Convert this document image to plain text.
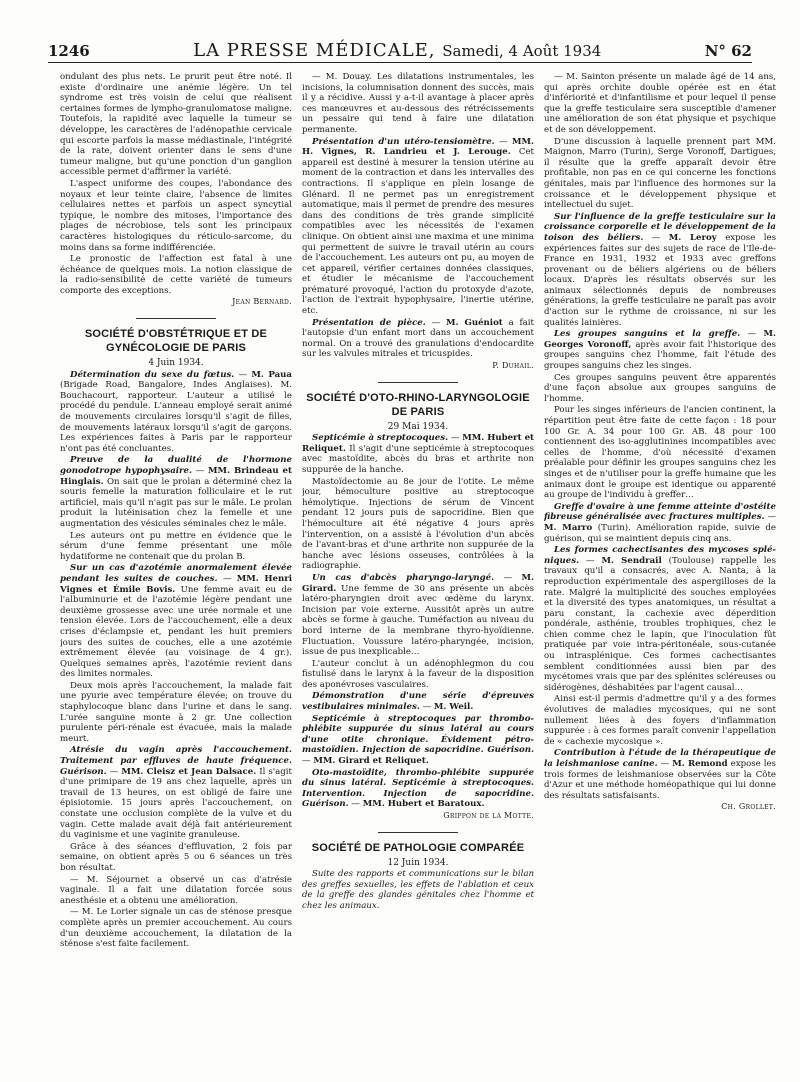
1246	LA PRESSE MÉDICALE, Samedi, 4 Août 1934	N° 62

ondulant des plus nets. Le prurit peut être noté. Il existe d'ordinaire une anémie légère. Un tel syndrome est très voisin de celui que réalisent certaines formes de lympho-granulomatose maligne. Toutefois, la rapidité avec laquelle la tumeur se développe, les caractères de l'adénopathie cervicale qui escorte parfois la masse médiastinale, l'intégrité de la rate, doivent orienter dans le sens d'une tumeur maligne, but qu'une ponction d'un ganglion accessible permet d'affirmer la variété.

L'aspect uniforme des coupes, l'abondance des noyaux et leur teinte claire, l'absence de limites cellulaires nettes et parfois un aspect syncytial typique, le nombre des mitoses, l'importance des plages de nécrobiose, tels sont les principaux caractères histologiques du réticulo-sarcome, du moins dans sa forme indifférenciée.

Le pronostic de l'affection est fatal à une échéance de quelques mois. La notion classique de la radio-sensibilité de cette variété de tumeurs comporte des exceptions.

Jean Bernard.

SOCIÉTÉ D'OBSTÉTRIQUE ET DE GYNÉCOLOGIE DE PARIS

4 Juin 1934.

Détermination du sexe du fœtus. — M. Paua (Brigade Road, Bangalore, Indes Anglaises). M. Bouchacourt, rapporteur. L'auteur a utilisé le procédé du pendule. L'anneau employé serait animé de mouvements circulaires lorsqu'il s'agit de filles, de mouvements latéraux lorsqu'il s'agit de garçons. Les expériences faites à Paris par le rapporteur n'ont pas été concluantes.

Preuve de la dualité de l'hormone gonodotrope hypophysaire. — MM. Brindeau et Hinglais. On sait que le prolan a déterminé chez la souris femelle la maturation folliculaire et le rut artificiel, mais qu'il n'agit pas sur le mâle. Le prolan produit la lutéinisation chez la femelle et une augmentation des vésicules séminales chez le mâle.

Les auteurs ont pu mettre en évidence que le sérum d'une femme présentant une môle hydatiforme ne contenait que du prolan B.

Sur un cas d'azotémie anormalement élevée pendant les suites de couches. — MM. Henri Vignes et Émile Bovis. Une femme avait eu de l'albuminurie et de l'azotémie légère pendant une deuxième grossesse avec une urée normale et une tension élevée. Lors de l'accouchement, elle a deux crises d'éclampsie et, pendant les huit premiers jours des suites de couches, elle a une azotémie extrêmement élevée (au voisinage de 4 gr.). Quelques semaines après, l'azotémie revient dans des limites normales.

Deux mois après l'accouchement, la malade fait une pyurie avec température élevée; on trouve du staphylocoque blanc dans l'urine et dans le sang. L'urée sanguine monte à 2 gr. Une collection purulente péri-rénale est évacuée, mais la malade meurt.

Atrésie du vagin après l'accouchement. Traitement par effluves de haute fréquence. Guérison. — MM. Cleisz et Jean Dalsace. Il s'agit d'une primipare de 19 ans chez laquelle, après un travail de 13 heures, on est obligé de faire une épisiotomie. 15 jours après l'accouchement, on constate une occlusion complète de la vulve et du vagin. Cette malade avait déjà fait antérieurement du vaginisme et une vaginite granuleuse.

Grâce à des séances d'effluvation, 2 fois par semaine, on obtient après 5 ou 6 séances un très bon résultat.

— M. Séjournet a observé un cas d'atrésie vaginale. Il a fait une dilatation forcée sous anesthésie et a obtenu une amélioration.

— M. Le Lorier signale un cas de sténose presque complète après un premier accouchement. Au cours d'un deuxième accouchement, la dilatation de la sténose s'est faite facilement.

— M. Douay. Les dilatations instrumentales, les incisions, la columnisation donnent des succès, mais il y a récidive. Aussi y a-t-il avantage à placer après ces manœuvres et au-dessous des rétrécissements un pessaire qui tend à faire une dilatation permanente.

Présentation d'un utéro-tensiomètre. — MM. H. Vignes, R. Landrieu et J. Lerouge. Cet appareil est destiné à mesurer la tension utérine au moment de la contraction et dans les intervalles des contractions. Il s'applique en plein losange de Glénard. Il ne permet pas un enregistrement automatique, mais il permet de prendre des mesures dans des conditions de très grande simplicité compatibles avec les nécessités de l'examen clinique. On obtient ainsi une maxima et une minima qui permettent de suivre le travail utérin au cours de l'accouchement. Les auteurs ont pu, au moyen de cet appareil, vérifier certaines données classiques, et étudier le mécanisme de l'accouchement prématuré provoqué, l'action du protoxyde d'azote, l'action de l'extrait hypophysaire, l'inertie utérine, etc.

Présentation de pièce. — M. Guéniot a fait l'autopsie d'un enfant mort dans un accouchement normal. On a trouvé des granulations d'endocardite sur les valvules mitrales et tricuspides.

P. Duhail.

SOCIÉTÉ D'OTO-RHINO-LARYNGOLOGIE DE PARIS

29 Mai 1934.

Septicémie à streptocoques. — MM. Hubert et Reliquet. Il s'agit d'une septicémie à streptocoques avec mastoïdite, abcès du bras et arthrite non suppurée de la hanche.

Mastoïdectomie au 8e jour de l'otite. Le même jour, hémoculture positive au streptocoque hémolytique. Injections de sérum de Vincent pendant 12 jours puis de sapocridine. Bien que l'hémoculture ait été négative 4 jours après l'intervention, on a assisté à l'évolution d'un abcès de l'avant-bras et d'une arthrite non suppurée de la hanche avec lésions osseuses, contrôlées à la radiographie.

Un cas d'abcès pharyngo-laryngé. — M. Girard. Une femme de 30 ans présente un abcès latéro-pharyngien droit avec œdème du larynx. Incision par voie externe. Aussitôt après un autre abcès se forme à gauche. Tuméfaction au niveau du bord interne de la membrane thyro-hyoïdienne. Fluctuation. Voussure latéro-pharyngée, incision, issue de pus inexplicable…

L'auteur conclut à un adénophlegmon du cou fistulisé dans le larynx à la faveur de la disposition des aponévroses vasculaires.

Démonstration d'une série d'épreuves vestibulaires minimales. — M. Weil.

Septicémie à streptocoques par thrombo-phlébite suppurée du sinus latéral au cours d'une otite chronique. Évidement pétro-mastoïdien. Injection de sapocridine. Guérison. — MM. Girard et Reliquet.

Oto-mastoïdite, thrombo-phlébite suppurée du sinus latéral. Septicémie à streptocoques. Intervention. Injection de sapocridine. Guérison. — MM. Hubert et Baratoux.

Grippon de la Motte.

SOCIÉTÉ DE PATHOLOGIE COMPARÉE

12 Juin 1934.

Suite des rapports et communications sur le bilan des greffes sexuelles, les effets de l'ablation et ceux de la greffe des glandes génitales chez l'homme et chez les animaux.

— M. Sainton présente un malade âgé de 14 ans, qui après orchite double opérée est en état d'infériorité et d'infantilisme et pour lequel il pense que la greffe testiculaire sera susceptible d'amener une amélioration de son état physique et psychique et de son développement.

D'une discussion à laquelle prennent part MM. Maignon, Marro (Turin), Serge Voronoff, Dartigues, il résulte que la greffe apparaît devoir être profitable, non pas en ce qui concerne les fonctions génitales, mais par l'influence des hormones sur la croissance et le développement physique et intellectuel du sujet.

Sur l'influence de la greffe testiculaire sur la croissance corporelle et le développement de la toison des béliers. — M. Leroy expose les expériences faites sur des sujets de race de l'Ile-de-France en 1931, 1932 et 1933 avec greffons provenant ou de béliers algériens ou de béliers locaux. D'après les résultats observés sur les animaux sélectionnés depuis de nombreuses générations, la greffe testiculaire ne paraît pas avoir d'action sur le rythme de croissance, ni sur les qualités lainières.

Les groupes sanguins et la greffe. — M. Georges Voronoff, après avoir fait l'historique des groupes sanguins chez l'homme, fait l'étude des groupes sanguins chez les singes.

Ces groupes sanguins peuvent être apparentés d'une façon absolue aux groupes sanguins de l'homme.

Pour les singes inférieurs de l'ancien continent, la répartition peut être faite de cette façon : 18 pour 100 Gr. A. 34 pour 100 Gr. AB. 48 pour 100 contiennent des iso-agglutinines incompatibles avec celles de l'homme, d'où nécessité d'examen préalable pour définir les groupes sanguins chez les singes et de n'utiliser pour la greffe humaine que les animaux dont le groupe est identique ou apparenté au groupe de l'individu à greffer…

Greffe d'ovaire à une femme atteinte d'ostéite fibreuse généralisée avec fractures multiples. — M. Marro (Turin). Amélioration rapide, suivie de guérison, qui se maintient depuis cinq ans.

Les formes cachectisantes des mycoses splé-niques. — M. Sendrail (Toulouse) rappelle les travaux qu'il a consacrés, avec A. Nanta, à la reproduction expérimentale des aspergilloses de la rate. Malgré la multiplicité des souches employées et la diversité des types anatomiques, un résultat a paru constant, la cachexie avec déperdition pondérale, asthénie, troubles trophiques, chez le chien comme chez le lapin, que l'inoculation fût pratiquée par voie intra-péritonéale, sous-cutanée ou intrasplénique. Ces formes cachectisantes semblent conditionnées aussi bien par des mycétomes vrais que par des splénites scléreuses ou sidérogènes, déshabitées par l'agent causal…

Ainsi est-il permis d'admettre qu'il y a des formes évolutives de maladies mycosiques, qui ne sont nullement liées à des foyers d'inflammation suppurée : à ces formes paraît convenir l'appellation de « cachexie mycosique ».

Contribution à l'étude de la thérapeutique de la leishmaniose canine. — M. Remond expose les trois formes de leishmaniose observées sur la Côte d'Azur et une méthode homéopathique qui lui donne des résultats satisfaisants.

Ch. Grollet.
